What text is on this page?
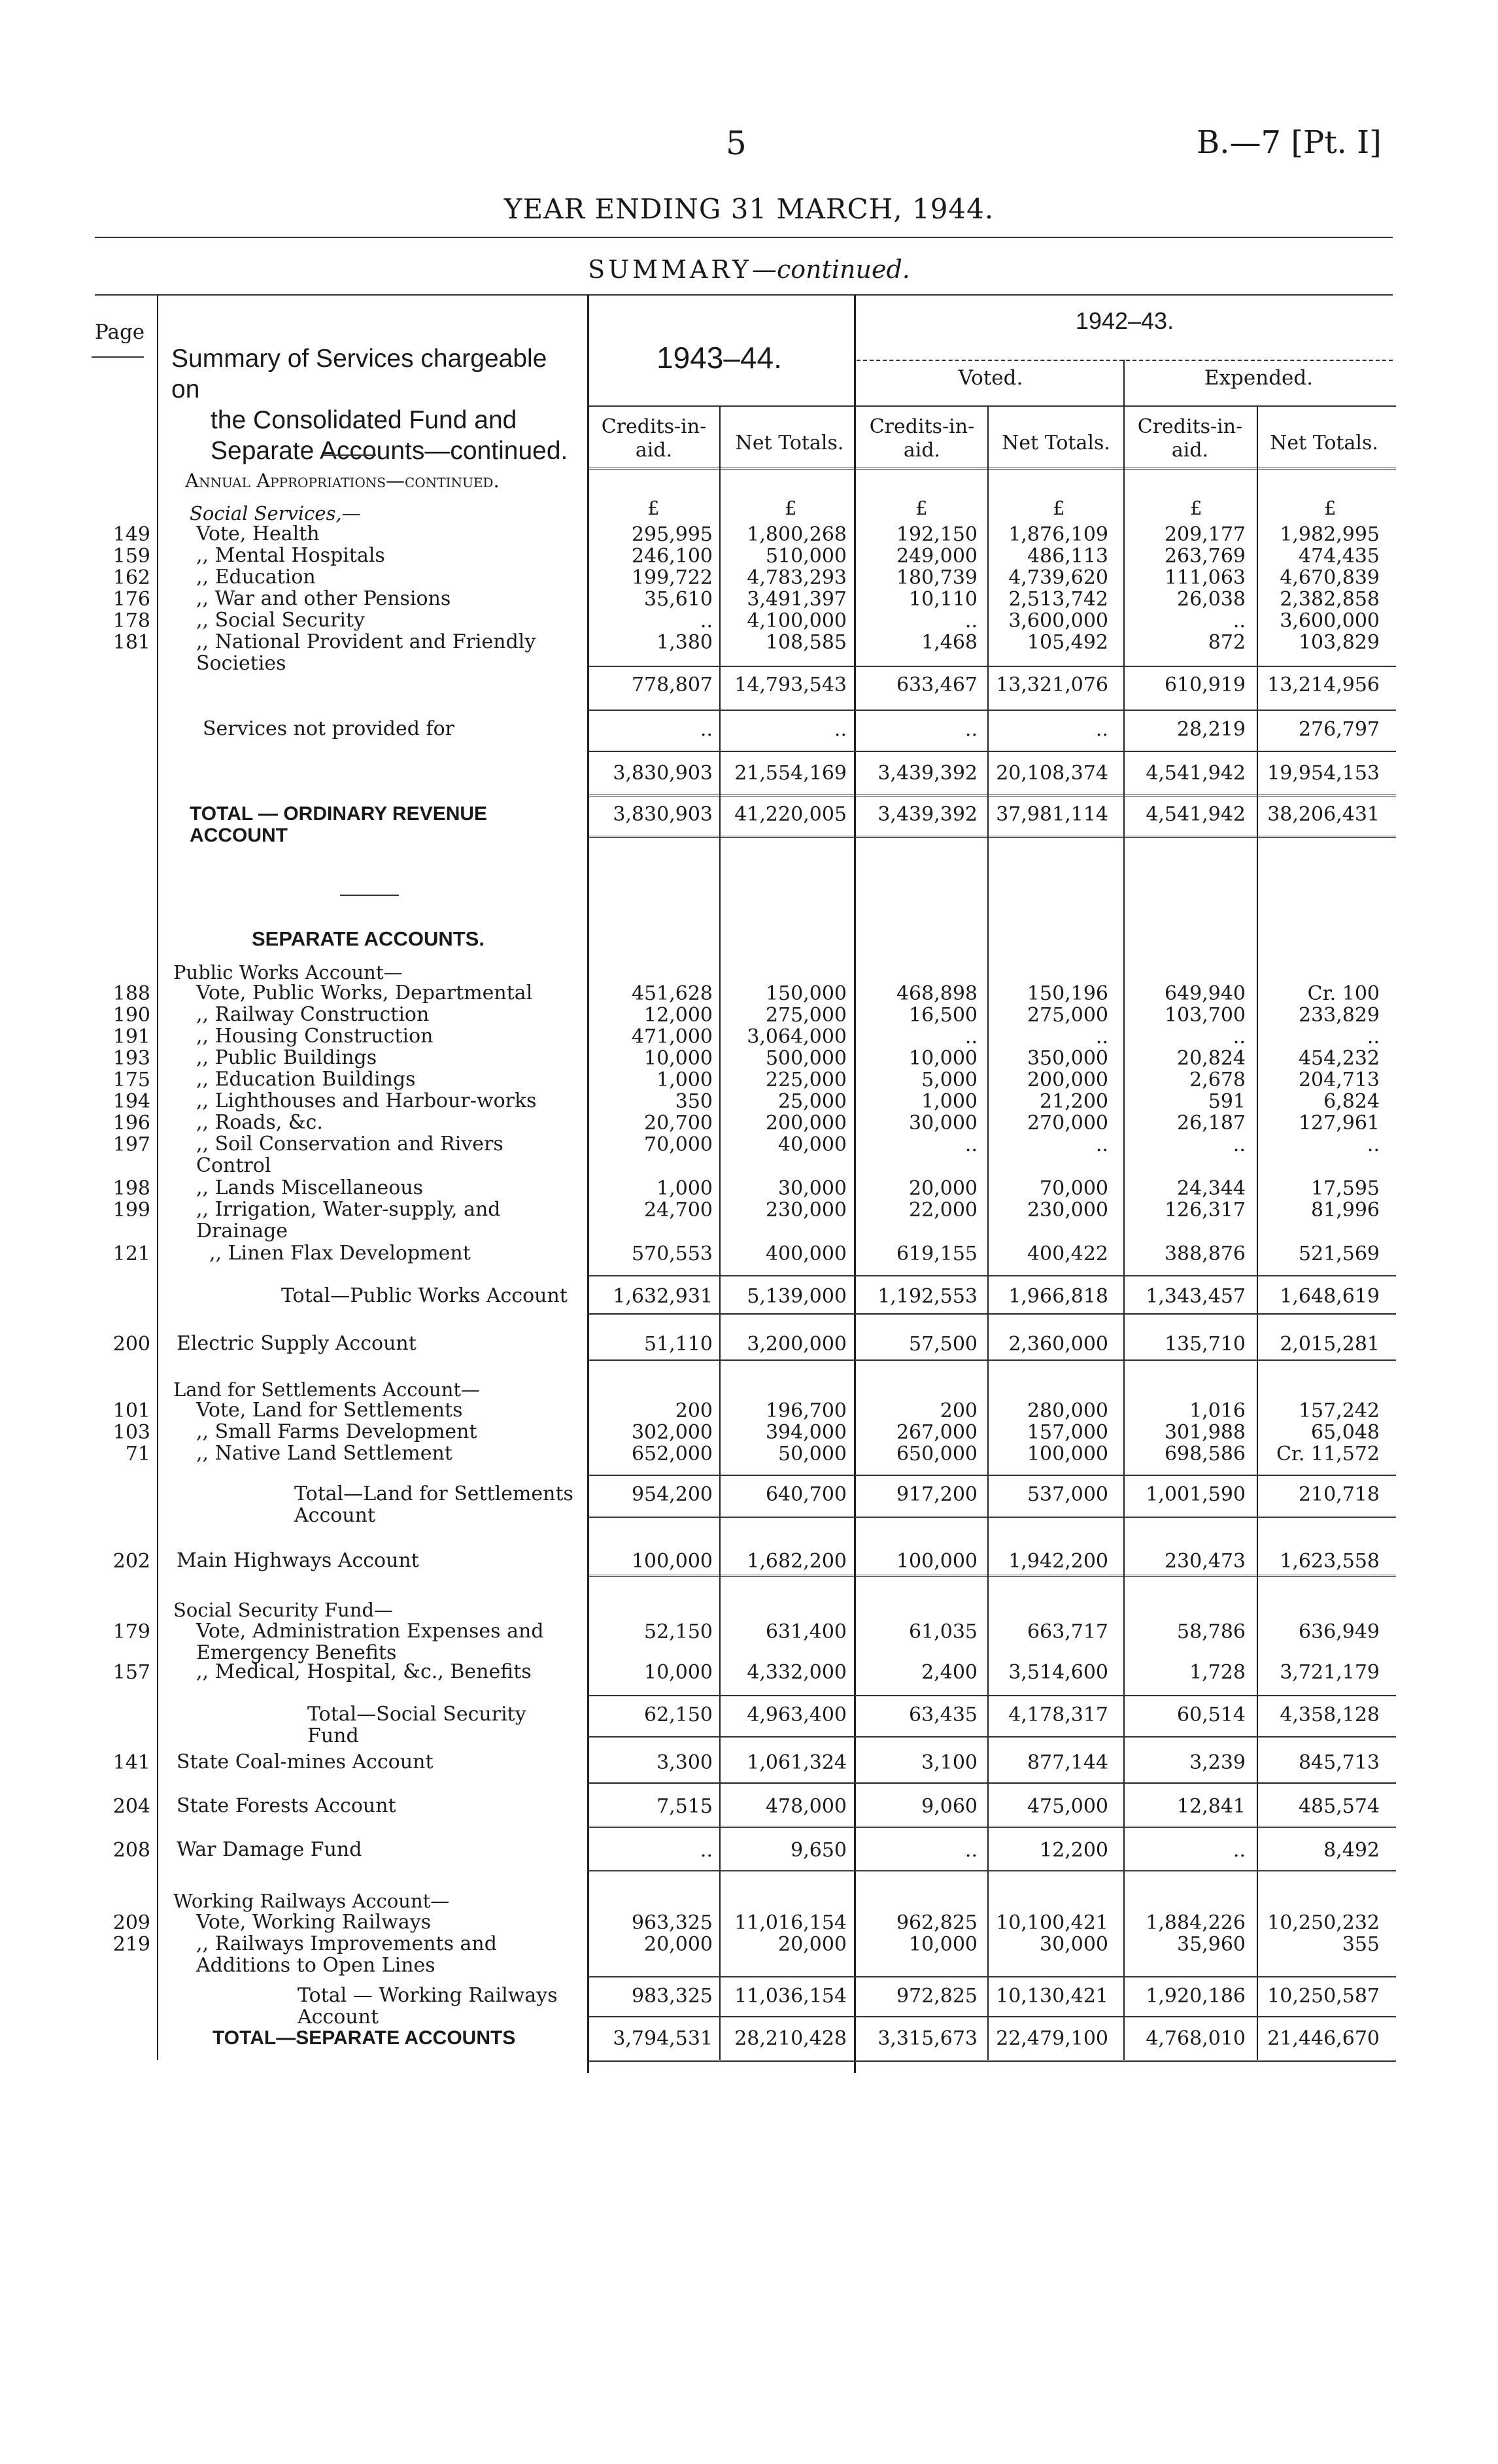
5	B.—7 [Pt. I]
YEAR ENDING 31 MARCH, 1944.
SUMMARY—continued.
Page
Summary of Services chargeable on
the Consolidated Fund and
Separate Accounts—continued.
1943–44.
1942–43.
Voted.	Expended.
Credits-in-aid.	Net Totals.
Credits-in-aid.	Net Totals.
Credits-in-aid.	Net Totals.
Annual Appropriations—continued.
Social Services,—	£	£	£	£	£	£
SEPARATE ACCOUNTS.
Public Works Account—
Land for Settlements Account—
Social Security Fund—
Working Railways Account—
149 Vote, Health	295,995	1,800,268	192,150	1,876,109	209,177	1,982,995
159 ,, Mental Hospitals	246,100	510,000	249,000	486,113	263,769	474,435
162 ,, Education	199,722	4,783,293	180,739	4,739,620	111,063	4,670,839
176 ,, War and other Pensions	35,610	3,491,397	10,110	2,513,742	26,038	2,382,858
178 ,, Social Security	..	4,100,000	..	3,600,000	..	3,600,000
181 ,, National Provident and Friendly Societies
1,380	108,585	1,468	105,492	872	103,829
778,807	14,793,543	633,467 13,321,076	610,919	13,214,956
Services not provided for	..	..	..	..	28,219	276,797
3,830,903	21,554,169	3,439,392 20,108,374	4,541,942	19,954,153
TOTAL — ORDINARY REVENUE ACCOUNT
3,830,903	41,220,005	3,439,392 37,981,114	4,541,942	38,206,431
188 Vote, Public Works, Departmental	451,628	150,000	468,898	150,196	649,940	Cr. 100
190 ,, Railway Construction	12,000	275,000	16,500	275,000	103,700	233,829
191 ,, Housing Construction	471,000	3,064,000	..	..	..	..
193 ,, Public Buildings	10,000	500,000	10,000	350,000	20,824	454,232
175 ,, Education Buildings	1,000	225,000	5,000	200,000	2,678	204,713
194 ,, Lighthouses and Harbour-works	350	25,000	1,000	21,200	591	6,824
196 ,, Roads, &c.	20,700	200,000	30,000	270,000	26,187	127,961
197 ,, Soil Conservation and Rivers Control
70,000	40,000	..	..	..	..
198 ,, Lands Miscellaneous	1,000	30,000	20,000	70,000	24,344	17,595
199 ,, Irrigation, Water-supply, and Drainage
24,700	230,000	22,000	230,000	126,317	81,996
121	,, Linen Flax Development	570,553	400,000	619,155	400,422	388,876	521,569
Total—Public Works Account	1,632,931	5,139,000	1,192,553	1,966,818	1,343,457	1,648,619
200 Electric Supply Account	51,110	3,200,000	57,500	2,360,000	135,710	2,015,281
101 Vote, Land for Settlements	200	196,700	200	280,000	1,016	157,242
103 ,, Small Farms Development	302,000	394,000	267,000	157,000	301,988	65,048
71 ,, Native Land Settlement	652,000	50,000	650,000	100,000	698,586	Cr. 11,572
Total—Land for Settlements Account
954,200	640,700	917,200	537,000	1,001,590	210,718
202 Main Highways Account	100,000	1,682,200	100,000	1,942,200	230,473	1,623,558
179 Vote, Administration Expenses and Emergency Benefits
52,150	631,400	61,035	663,717	58,786	636,949
157 ,, Medical, Hospital, &c., Benefits	10,000	4,332,000	2,400	3,514,600	1,728	3,721,179
Total—Social Security Fund
62,150	4,963,400	63,435	4,178,317	60,514	4,358,128
141 State Coal-mines Account	3,300	1,061,324	3,100	877,144	3,239	845,713
204 State Forests Account	7,515	478,000	9,060	475,000	12,841	485,574
208 War Damage Fund	..	9,650	..	12,200	..	8,492
209 Vote, Working Railways	963,325	11,016,154	962,825 10,100,421	1,884,226	10,250,232
219 ,, Railways Improvements and Additions to Open Lines
20,000	20,000	10,000	30,000	35,960	355
Total — Working Railways Account
983,325	11,036,154	972,825 10,130,421	1,920,186	10,250,587
TOTAL—SEPARATE ACCOUNTS	3,794,531	28,210,428	3,315,673 22,479,100	4,768,010	21,446,670
